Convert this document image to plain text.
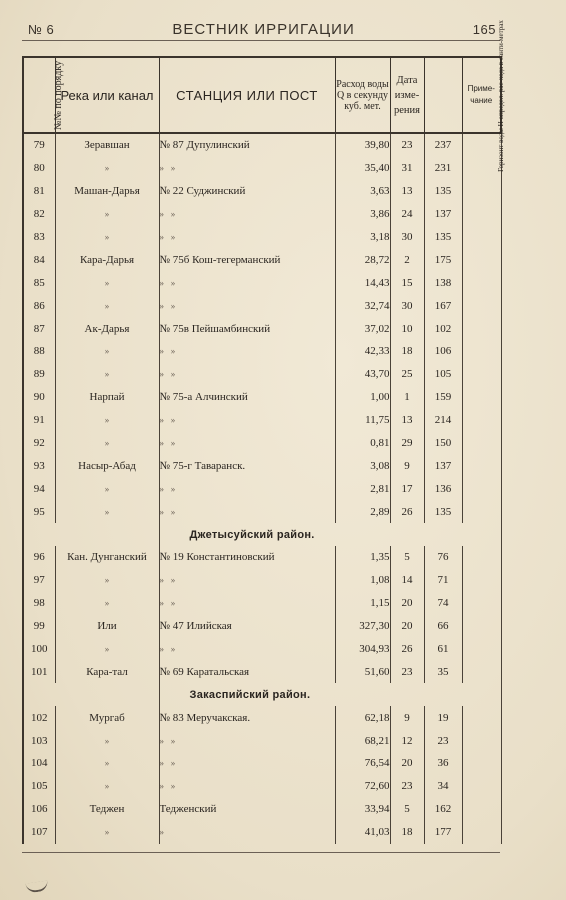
№ 6	ВЕСТНИК ИРРИГАЦИИ	165
№№ по порядку	Река или канал	СТАНЦИЯ ИЛИ ПОСТ	Расход воды Q в секунду куб. мет.	Дата изме-рения	Горизонт воды H определ. рас-хода в санти-метрах	Приме-чание
79	Зеравшан	№ 87 Дупулинский	39,80	23	237	
80	»	»   »	35,40	31	231	
81	Машан-Дарья	№ 22 Суджинский	3,63	13	135	
82	»	»   »	3,86	24	137	
83	»	»   »	3,18	30	135	
84	Кара-Дарья	№ 75б Кош-тегерманский	28,72	2	175	
85	»	»   »	14,43	15	138	
86	»	»   »	32,74	30	167	
87	Ак-Дарья	№ 75в Пейшамбинский	37,02	10	102	
88	»	»   »	42,33	18	106	
89	»	»   »	43,70	25	105	
90	Нарпай	№ 75-а Алчинский	1,00	1	159	
91	»	»   »	11,75	13	214	
92	»	»   »	0,81	29	150	
93	Насыр-Абад	№ 75-г Таваранск.	3,08	9	137	
94	»	»   »	2,81	17	136	
95	»	»   »	2,89	26	135	
		Джетысуйский район.				
96	Кан. Дунганский	№ 19 Константиновский	1,35	5	76	
97	»	»   »	1,08	14	71	
98	»	»   »	1,15	20	74	
99	Или	№ 47 Илийская	327,30	20	66	
100	»	»   »	304,93	26	61	
101	Кара-тал	№ 69 Каратальская	51,60	23	35	
		Закаспийский район.				
102	Мургаб	№ 83 Меручакская.	62,18	9	19	
103	»	»   »	68,21	12	23	
104	»	»   »	76,54	20	36	
105	»	»   »	72,60	23	34	
106	Теджен	Тедженский	33,94	5	162	
107	»	»	41,03	18	177	
